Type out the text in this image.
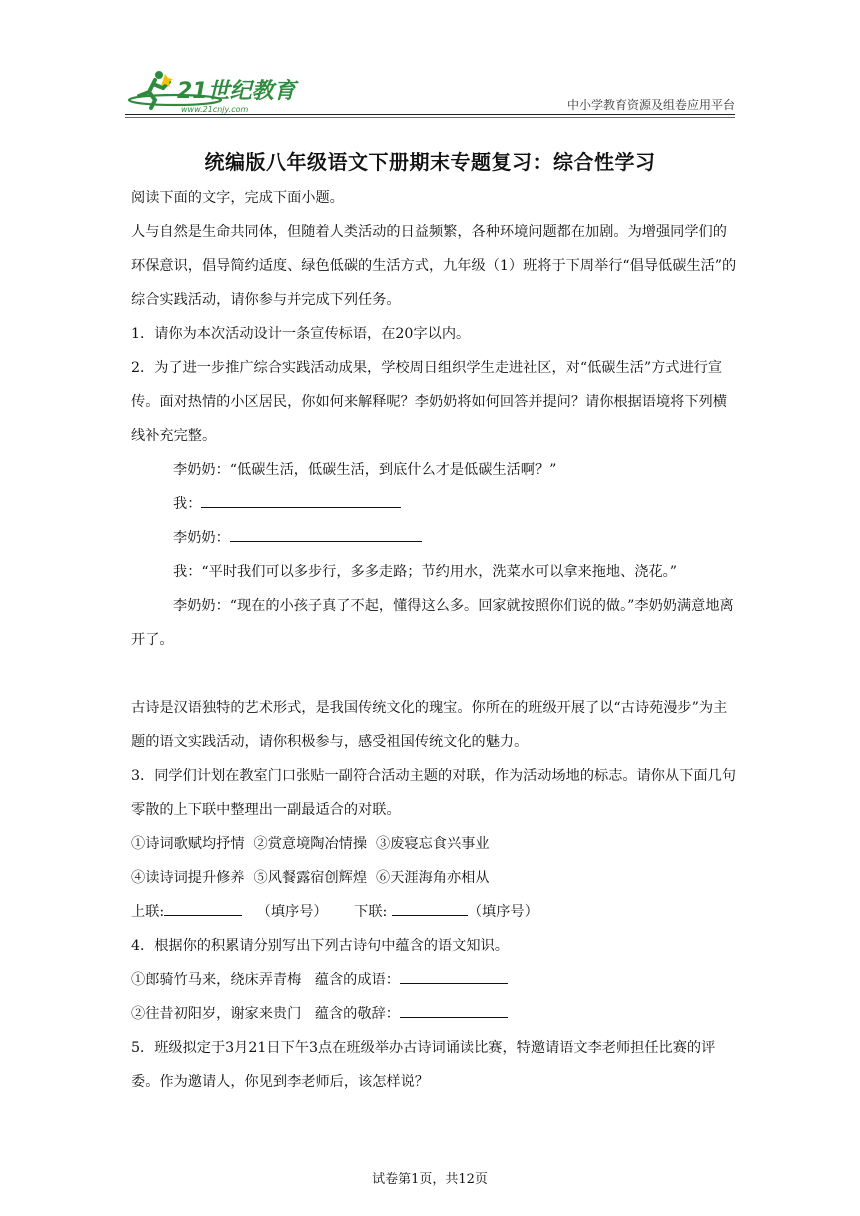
21世纪教育
www.21cnjy.com	中小学教育资源及组卷应用平台
统编版八年级语文下册期末专题复习：综合性学习

阅读下面的文字，完成下面小题。

人与自然是生命共同体，但随着人类活动的日益频繁，各种环境问题都在加剧。为增强同学们的环保意识，倡导简约适度、绿色低碳的生活方式，九年级（1）班将于下周举行“倡导低碳生活”的综合实践活动，请你参与并完成下列任务。

1．请你为本次活动设计一条宣传标语，在20字以内。

2．为了进一步推广综合实践活动成果，学校周日组织学生走进社区，对“低碳生活”方式进行宣传。面对热情的小区居民，你如何来解释呢？李奶奶将如何回答并提问？请你根据语境将下列横线补充完整。

李奶奶：“低碳生活，低碳生活，到底什么才是低碳生活啊？”

我：

李奶奶：

我：“平时我们可以多步行，多多走路；节约用水，洗菜水可以拿来拖地、浇花。”

李奶奶：“现在的小孩子真了不起，懂得这么多。回家就按照你们说的做。”李奶奶满意地离开了。

古诗是汉语独特的艺术形式，是我国传统文化的瑰宝。你所在的班级开展了以“古诗苑漫步”为主题的语文实践活动，请你积极参与，感受祖国传统文化的魅力。

3．同学们计划在教室门口张贴一副符合活动主题的对联，作为活动场地的标志。请你从下面几句零散的上下联中整理出一副最适合的对联。

①诗词歌赋均抒情  ②赏意境陶冶情操  ③废寝忘食兴事业

④读诗词提升修养  ⑤风餐露宿创辉煌  ⑥天涯海角亦相从

上联:	（填序号） 下联:	（填序号）

4．根据你的积累请分别写出下列古诗句中蕴含的语文知识。

①郎骑竹马来，绕床弄青梅   蕴含的成语：

②往昔初阳岁，谢家来贵门   蕴含的敬辞：

5．班级拟定于3月21日下午3点在班级举办古诗词诵读比赛，特邀请语文李老师担任比赛的评委。作为邀请人，你见到李老师后，该怎样说？

试卷第1页，共12页
